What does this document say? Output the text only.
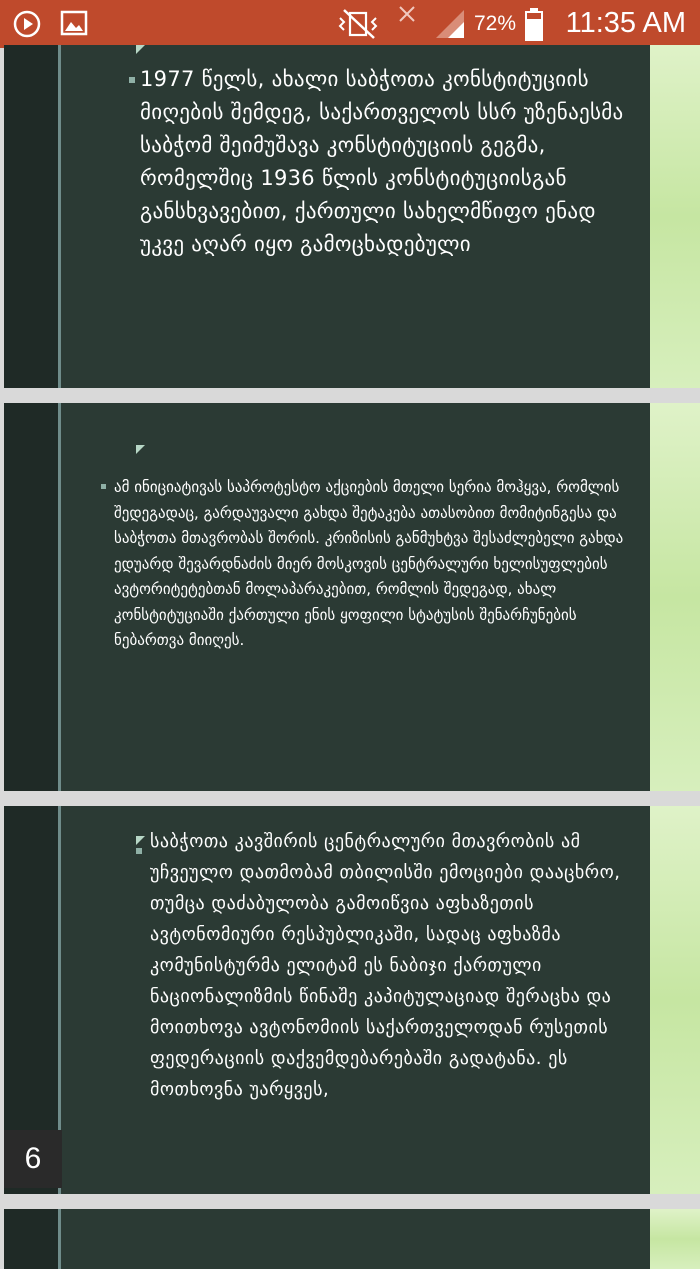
72% 11:35 AM

1977 წელს, ახალი საბჭოთა კონსტიტუციის მიღების შემდეგ, საქართველოს სსრ უზენაესმა საბჭომ შეიმუშავა კონსტიტუციის გეგმა, რომელშიც 1936 წლის კონსტიტუციისგან განსხვავებით, ქართული სახელმწიფო ენად უკვე აღარ იყო გამოცხადებული

ამ ინიციატივას საპროტესტო აქციების მთელი სერია მოჰყვა, რომლის შედეგადაც, გარდაუვალი გახდა შეტაკება ათასობით მომიტინგესა და საბჭოთა მთავრობას შორის. კრიზისის განმუხტვა შესაძლებელი გახდა ედუარდ შევარდნაძის მიერ მოსკოვის ცენტრალური ხელისუფლების ავტორიტეტებთან მოლაპარაკებით, რომლის შედეგად, ახალ კონსტიტუციაში ქართული ენის ყოფილი სტატუსის შენარჩუნების ნებართვა მიიღეს.

საბჭოთა კავშირის ცენტრალური მთავრობის ამ უჩვეულო დათმობამ თბილისში ემოციები დააცხრო, თუმცა დაძაბულობა გამოიწვია აფხაზეთის ავტონომიური რესპუბლიკაში, სადაც აფხაზმა კომუნისტურმა ელიტამ ეს ნაბიჯი ქართული ნაციონალიზმის წინაშე კაპიტულაციად შერაცხა და მოითხოვა ავტონომიის საქართველოდან რუსეთის ფედერაციის დაქვემდებარებაში გადატანა. ეს მოთხოვნა უარყვეს,

6
